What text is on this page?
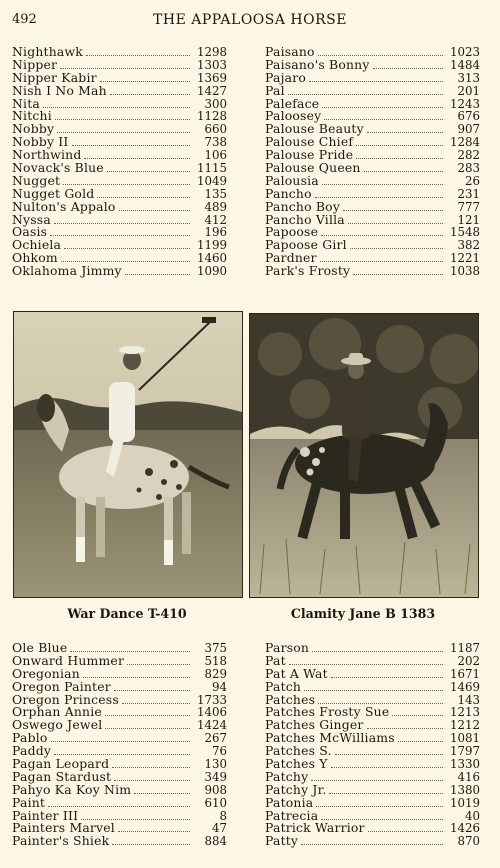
492	THE APPALOOSA HORSE
Nighthawk	1298
Nipper	1303
Nipper Kabir	1369
Nish I No Mah	1427
Nita	300
Nitchi	1128
Nobby	660
Nobby II	738
Northwind	106
Novack's Blue	1115
Nugget	1049
Nugget Gold	135
Nulton's Appalo	489
Nyssa	412
Oasis	196
Ochiela	1199
Ohkom	1460
Oklahoma Jimmy	1090
Paisano	1023
Paisano's Bonny	1484
Pajaro	313
Pal	201
Paleface	1243
Paloosey	676
Palouse Beauty	907
Palouse Chief	1284
Palouse Pride	282
Palouse Queen	283
Palousia	26
Pancho	231
Pancho Boy	777
Pancho Villa	121
Papoose	1548
Papoose Girl	382
Pardner	1221
Park's Frosty	1038
War Dance T-410	Clamity Jane B 1383
Ole Blue	375
Onward Hummer	518
Oregonian	829
Oregon Painter	94
Oregon Princess	1733
Orphan Annie	1406
Oswego Jewel	1424
Pablo	267
Paddy	76
Pagan Leopard	130
Pagan Stardust	349
Pahyo Ka Koy Nim	908
Paint	610
Painter III	8
Painters Marvel	47
Painter's Shiek	884
Parson	1187
Pat	202
Pat A Wat	1671
Patch	1469
Patches	143
Patches Frosty Sue	1213
Patches Ginger	1212
Patches McWilliams	1081
Patches S.	1797
Patches Y	1330
Patchy	416
Patchy Jr.	1380
Patonia	1019
Patrecia	40
Patrick Warrior	1426
Patty	870
